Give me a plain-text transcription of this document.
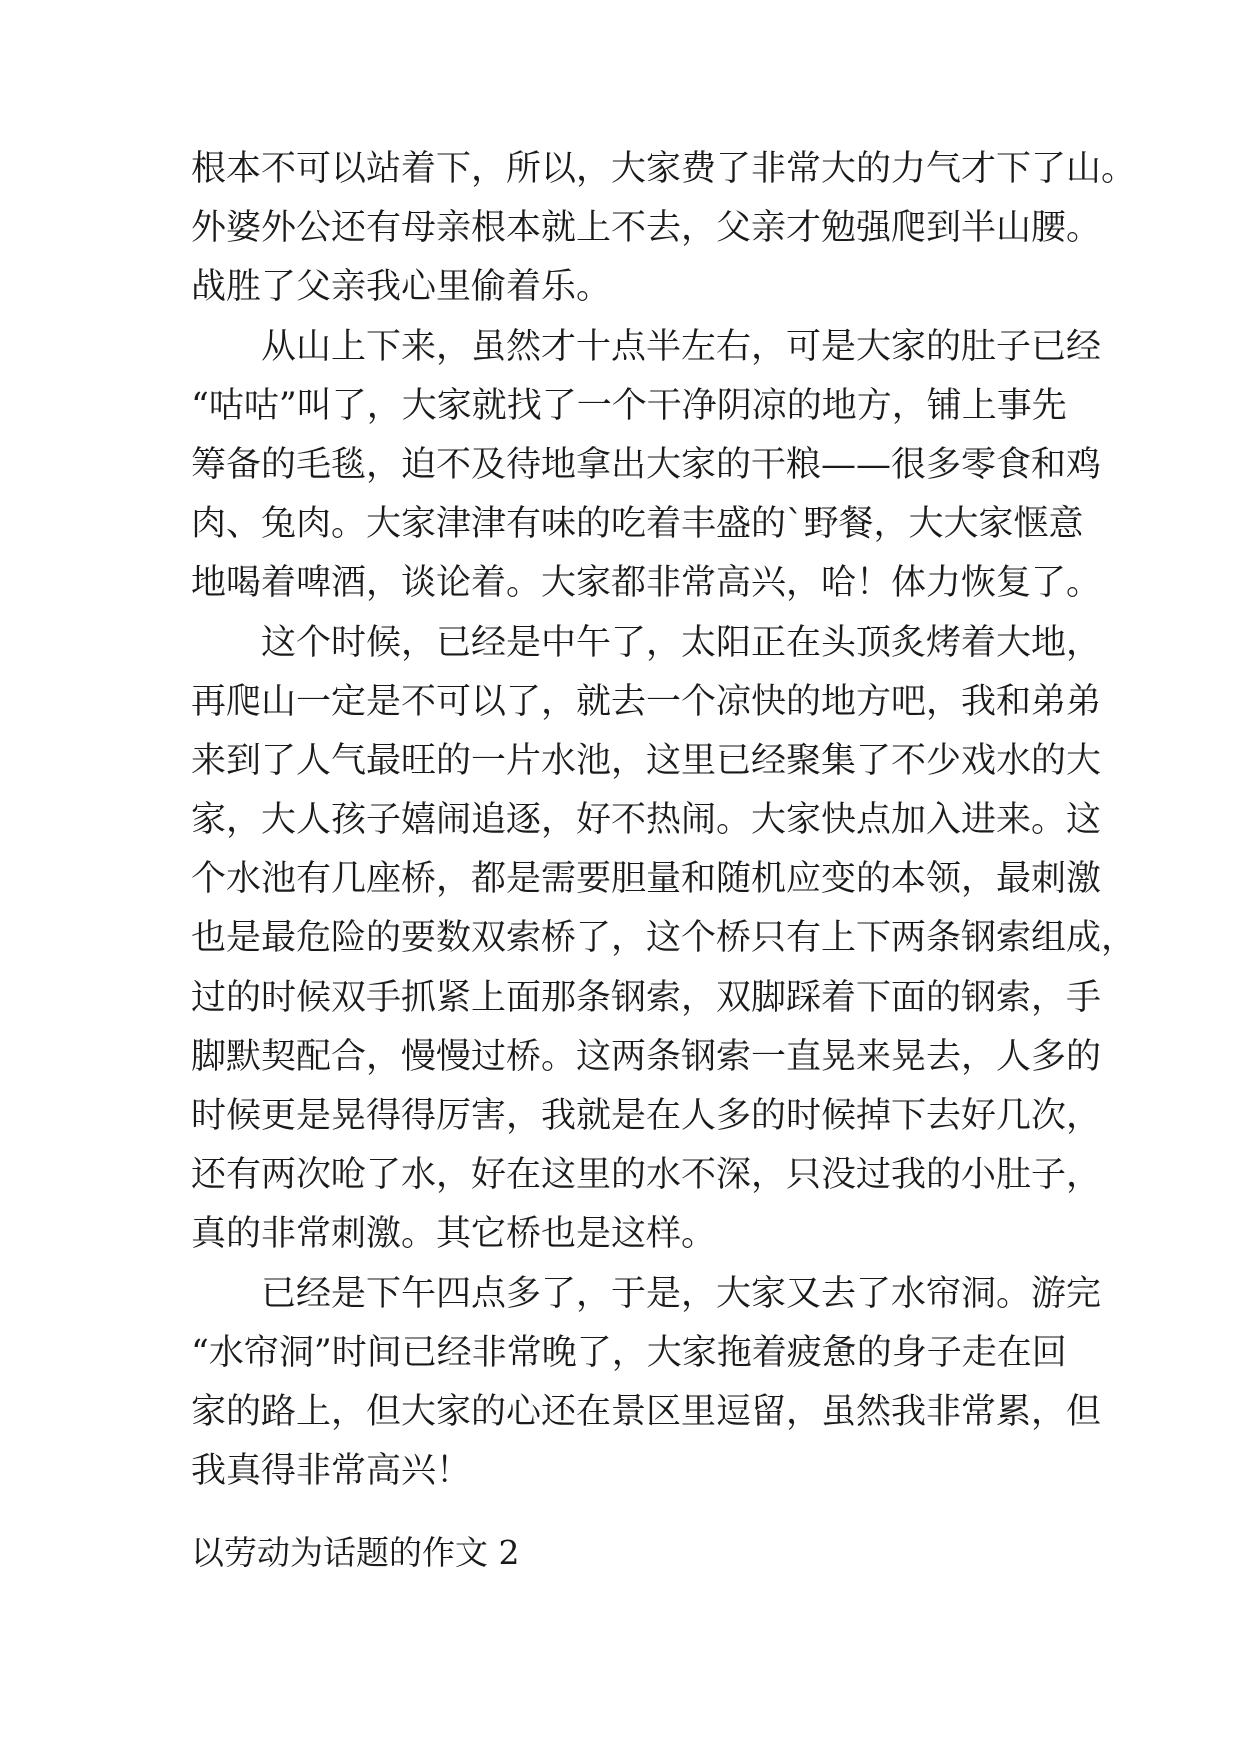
根本不可以站着下，所以，大家费了非常大的力气才下了山。
外婆外公还有母亲根本就上不去，父亲才勉强爬到半山腰。
战胜了父亲我心里偷着乐。
　　从山上下来，虽然才十点半左右，可是大家的肚子已经
“咕咕”叫了，大家就找了一个干净阴凉的地方，铺上事先
筹备的毛毯，迫不及待地拿出大家的干粮——很多零食和鸡
肉、兔肉。大家津津有味的吃着丰盛的`野餐，大大家惬意
地喝着啤酒，谈论着。大家都非常高兴，哈！体力恢复了。
　　这个时候，已经是中午了，太阳正在头顶炙烤着大地，
再爬山一定是不可以了，就去一个凉快的地方吧，我和弟弟
来到了人气最旺的一片水池，这里已经聚集了不少戏水的大
家，大人孩子嬉闹追逐，好不热闹。大家快点加入进来。这
个水池有几座桥，都是需要胆量和随机应变的本领，最刺激
也是最危险的要数双索桥了，这个桥只有上下两条钢索组成，
过的时候双手抓紧上面那条钢索，双脚踩着下面的钢索，手
脚默契配合，慢慢过桥。这两条钢索一直晃来晃去，人多的
时候更是晃得得厉害，我就是在人多的时候掉下去好几次，
还有两次呛了水，好在这里的水不深，只没过我的小肚子，
真的非常刺激。其它桥也是这样。
　　已经是下午四点多了，于是，大家又去了水帘洞。游完
“水帘洞”时间已经非常晚了，大家拖着疲惫的身子走在回
家的路上，但大家的心还在景区里逗留，虽然我非常累，但
我真得非常高兴！
以劳动为话题的作文 2
